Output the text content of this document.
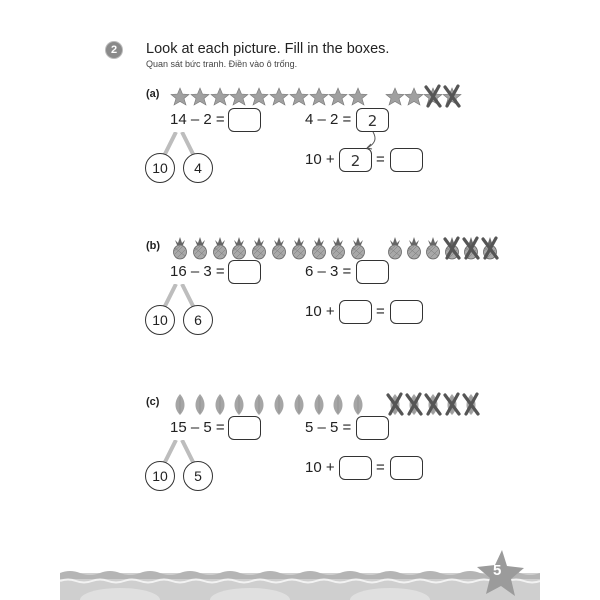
2	Look at each picture. Fill in the boxes.
Quan sát bức tranh. Điền vào ô trống.
(a)
14 – 2 =
10	4
4 – 2 =	2
10 +	2	=
(b)
16 – 3 =
10	6
6 – 3 =
10 +	=
(c)
15 – 5 =
10	5
5 – 5 =
10 +	=
5
